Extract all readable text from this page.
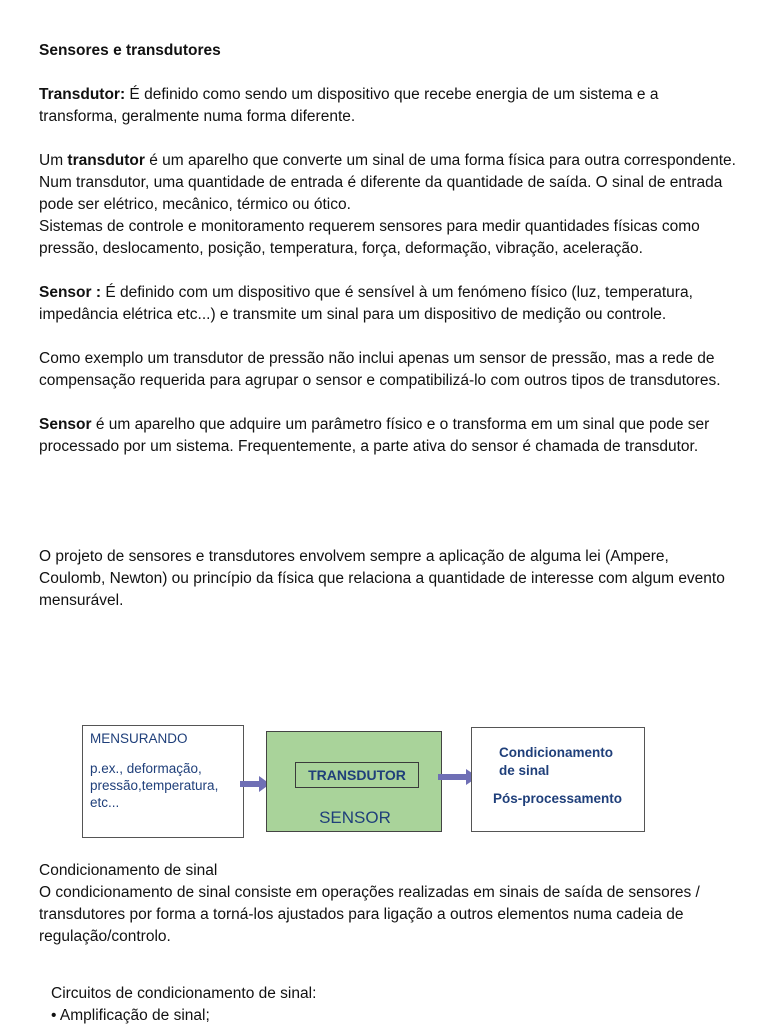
Sensores e transdutores
Transdutor: É definido como sendo um dispositivo que recebe energia de um sistema e a transforma, geralmente numa forma diferente.
Um transdutor é um aparelho que converte um sinal de uma forma física para outra correspondente. Num transdutor, uma quantidade de entrada é diferente da quantidade de saída. O sinal de entrada pode ser elétrico, mecânico, térmico ou ótico.
Sistemas de controle e monitoramento requerem sensores para medir quantidades físicas como pressão, deslocamento, posição, temperatura, força, deformação, vibração, aceleração.
Sensor : É definido com um dispositivo que é sensível à um fenómeno físico (luz, temperatura, impedância elétrica etc...) e transmite um sinal para um dispositivo de medição ou controle.
Como exemplo um transdutor de pressão não inclui apenas um sensor de pressão, mas a rede de compensação requerida para agrupar o sensor e compatibilizá-lo com outros tipos de transdutores.
Sensor é um aparelho que adquire um parâmetro físico e o transforma em um sinal que pode ser processado por um sistema. Frequentemente, a parte ativa do sensor é chamada de transdutor.
O projeto de sensores e transdutores envolvem sempre a aplicação de alguma lei (Ampere, Coulomb, Newton) ou princípio da física que relaciona a quantidade de interesse com algum evento mensurável.
MENSURANDO
p.ex., deformação,
pressão,temperatura,
etc...
TRANSDUTOR
SENSOR
Condicionamento
de sinal
Pós-processamento
Condicionamento de sinal
O condicionamento de sinal consiste em operações realizadas em sinais de saída de sensores / transdutores por forma a torná-los ajustados para ligação a outros elementos numa cadeia de regulação/controlo.
Circuitos de condicionamento de sinal:
• Amplificação de sinal;
